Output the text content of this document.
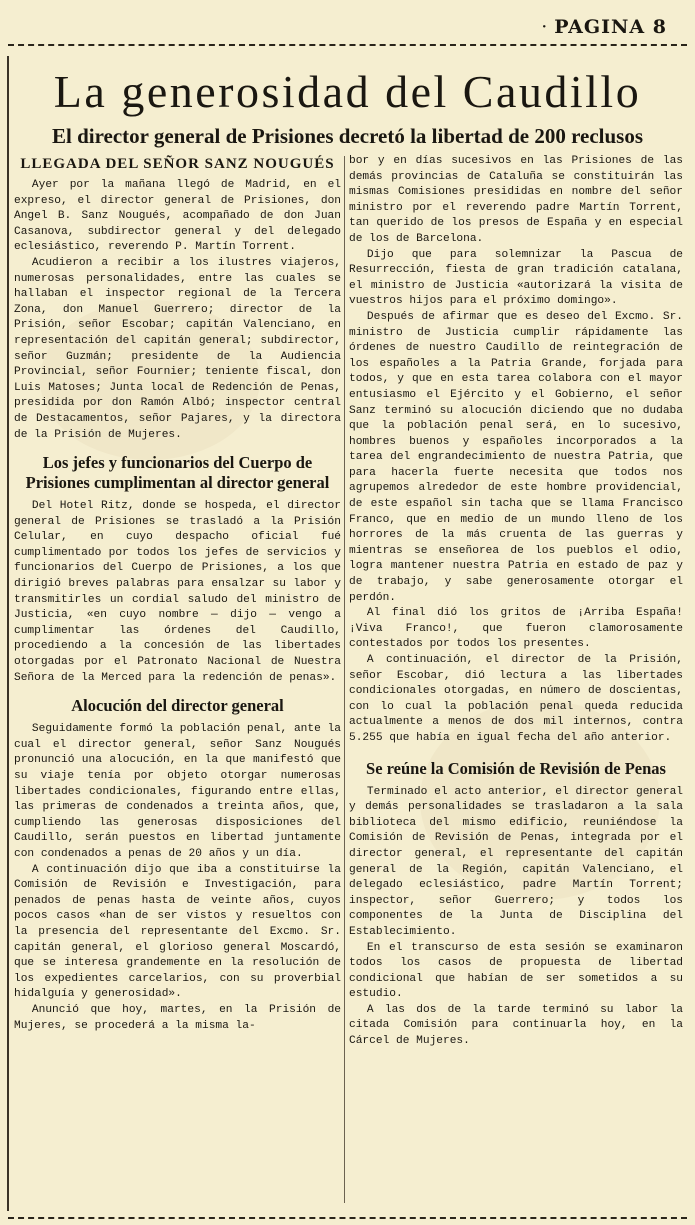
· PAGINA 8
La generosidad del Caudillo
El director general de Prisiones decretó la libertad de 200 reclusos
LLEGADA DEL SEÑOR SANZ NOUGUÉS

Ayer por la mañana llegó de Madrid, en el expreso, el director general de Prisiones, don Angel B. Sanz Nougués, acompañado de don Juan Casanova, subdirector general y del delegado eclesiástico, reverendo P. Martín Torrent.

Acudieron a recibir a los ilustres viajeros, numerosas personalidades, entre las cuales se hallaban el inspector regional de la Tercera Zona, don Manuel Guerrero; director de la Prisión, señor Escobar; capitán Valenciano, en representación del capitán general; subdirector, señor Guzmán; presidente de la Audiencia Provincial, señor Fournier; teniente fiscal, don Luis Matoses; Junta local de Redención de Penas, presidida por don Ramón Albó; inspector central de Destacamentos, señor Pajares, y la directora de la Prisión de Mujeres.

Los jefes y funcionarios del Cuerpo de Prisiones cumplimentan al director general

Del Hotel Ritz, donde se hospeda, el director general de Prisiones se trasladó a la Prisión Celular, en cuyo despacho oficial fué cumplimentado por todos los jefes de servicios y funcionarios del Cuerpo de Prisiones, a los que dirigió breves palabras para ensalzar su labor y transmitirles un cordial saludo del ministro de Justicia, «en cuyo nombre — dijo — vengo a cumplimentar las órdenes del Caudillo, procediendo a la concesión de las libertades otorgadas por el Patronato Nacional de Nuestra Señora de la Merced para la redención de penas».

Alocución del director general

Seguidamente formó la población penal, ante la cual el director general, señor Sanz Nougués pronunció una alocución, en la que manifestó que su viaje tenía por objeto otorgar numerosas libertades condicionales, figurando entre ellas, las primeras de condenados a treinta años, que, cumpliendo las generosas disposiciones del Caudillo, serán puestos en libertad juntamente con condenados a penas de 20 años y un día.

A continuación dijo que iba a constituirse la Comisión de Revisión e Investigación, para penados de penas hasta de veinte años, cuyos pocos casos «han de ser vistos y resueltos con la presencia del representante del Excmo. Sr. capitán general, el glorioso general Moscardó, que se interesa grandemente en la resolución de los expedientes carcelarios, con su proverbial hidalguía y generosidad».

Anunció que hoy, martes, en la Prisión de Mujeres, se procederá a la misma la-

bor y en días sucesivos en las Prisiones de las demás provincias de Cataluña se constituirán las mismas Comisiones presididas en nombre del señor ministro por el reverendo padre Martín Torrent, tan querido de los presos de España y en especial de los de Barcelona.

Dijo que para solemnizar la Pascua de Resurrección, fiesta de gran tradición catalana, el ministro de Justicia «autorizará la visita de vuestros hijos para el próximo domingo».

Después de afirmar que es deseo del Excmo. Sr. ministro de Justicia cumplir rápidamente las órdenes de nuestro Caudillo de reintegración de los españoles a la Patria Grande, forjada para todos, y que en esta tarea colabora con el mayor entusiasmo el Ejército y el Gobierno, el señor Sanz terminó su alocución diciendo que no dudaba que la población penal será, en lo sucesivo, hombres buenos y españoles incorporados a la tarea del engrandecimiento de nuestra Patria, que para hacerla fuerte necesita que todos nos agrupemos alrededor de este hombre providencial, de este español sin tacha que se llama Francisco Franco, que en medio de un mundo lleno de los horrores de la más cruenta de las guerras y mientras se enseñorea de los pueblos el odio, logra mantener nuestra Patria en estado de paz y de trabajo, y sabe generosamente otorgar el perdón.

Al final dió los gritos de ¡Arriba España! ¡Viva Franco!, que fueron clamorosamente contestados por todos los presentes.

A continuación, el director de la Prisión, señor Escobar, dió lectura a las libertades condicionales otorgadas, en número de doscientas, con lo cual la población penal queda reducida actualmente a menos de dos mil internos, contra 5.255 que había en igual fecha del año anterior.

Se reúne la Comisión de Revisión de Penas

Terminado el acto anterior, el director general y demás personalidades se trasladaron a la sala biblioteca del mismo edificio, reuniéndose la Comisión de Revisión de Penas, integrada por el director general, el representante del capitán general de la Región, capitán Valenciano, el delegado eclesiástico, padre Martín Torrent; inspector, señor Guerrero; y todos los componentes de la Junta de Disciplina del Establecimiento.

En el transcurso de esta sesión se examinaron todos los casos de propuesta de libertad condicional que habían de ser sometidos a su estudio.

A las dos de la tarde terminó su labor la citada Comisión para continuarla hoy, en la Cárcel de Mujeres.
